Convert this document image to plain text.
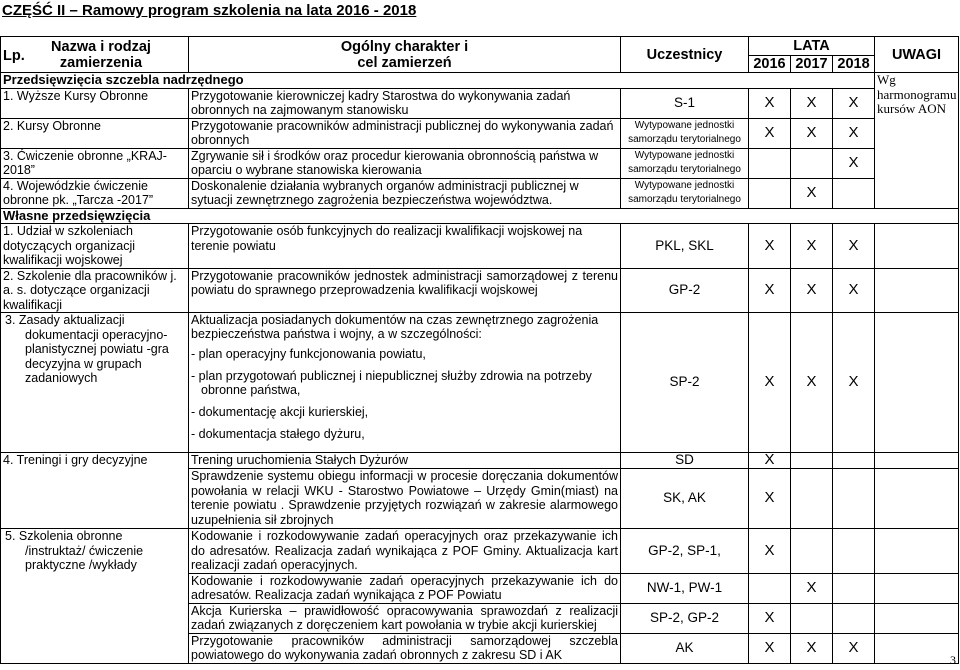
CZĘŚĆ II – Ramowy program szkolenia na lata 2016 - 2018
Lp.
Nazwa i rodzaj zamierzenia	Ogólny charakter i cel zamierzeń	Uczestnicy	LATA			UWAGI
			2016	2017	2018	
Przedsięwzięcia szczebla nadrzędnego						Wg harmonogramu kursów AON
1. Wyższe Kursy Obronne	Przygotowanie kierowniczej kadry Starostwa do wykonywania zadań obronnych na zajmowanym stanowisku	S-1	X	X	X	
2. Kursy Obronne	Przygotowanie pracowników administracji publicznej do wykonywania zadań obronnych	Wytypowane jednostki samorządu terytorialnego	X	X	X	
3. Ćwiczenie obronne „KRAJ-2018”	Zgrywanie sił i środków oraz procedur kierowania obronnością państwa w oparciu o wybrane stanowiska kierowania	Wytypowane jednostki samorządu terytorialnego			X	
4. Wojewódzkie ćwiczenie obronne pk. „Tarcza -2017”	Doskonalenie działania wybranych organów administracji publicznej w sytuacji zewnętrznego zagrożenia bezpieczeństwa województwa.	Wytypowane jednostki samorządu terytorialnego		X		
Własne przedsięwzięcia						
1. Udział w szkoleniach dotyczących organizacji kwalifikacji wojskowej	Przygotowanie osób funkcyjnych do realizacji kwalifikacji wojskowej na terenie powiatu	PKL, SKL	X	X	X	
2. Szkolenie dla pracowników j. a. s. dotyczące organizacji kwalifikacji	Przygotowanie pracowników jednostek administracji samorządowej z terenu powiatu do sprawnego przeprowadzenia kwalifikacji wojskowej	GP-2	X	X	X	
3. Zasady aktualizacji dokumentacji operacyjno-planistycznej powiatu -gra decyzyjna w grupach zadaniowych	Aktualizacja posiadanych dokumentów na czas zewnętrznego zagrożenia bezpieczeństwa państwa i wojny, a w szczególności:
- plan operacyjny funkcjonowania powiatu,
- plan przygotowań publicznej i niepublicznej służby zdrowia na potrzeby obronne państwa,
- dokumentację akcji kurierskiej,
- dokumentacja stałego dyżuru,	SP-2	X	X	X	
4. Treningi i gry decyzyjne	Trening uruchomienia Stałych Dyżurów	SD	X			
	Sprawdzenie systemu obiegu informacji w procesie doręczania dokumentów powołania w relacji WKU - Starostwo Powiatowe – Urzędy Gmin(miast) na terenie powiatu . Sprawdzenie przyjętych rozwiązań w zakresie alarmowego uzupełnienia sił zbrojnych	SK, AK	X			
5. Szkolenia obronne /instruktaż/ ćwiczenie praktyczne /wykłady	Kodowanie i rozkodowywanie zadań operacyjnych oraz przekazywanie ich do adresatów. Realizacja zadań wynikająca z POF Gminy. Aktualizacja kart realizacji zadań operacyjnych.	GP-2, SP-1,	X			
	Kodowanie i rozkodowywanie zadań operacyjnych przekazywanie ich do adresatów. Realizacja zadań wynikająca z POF Powiatu	NW-1, PW-1		X		
	Akcja Kurierska – prawidłowość opracowywania sprawozdań z realizacji zadań związanych z doręczeniem kart powołania w trybie akcji kurierskiej	SP-2, GP-2	X			
	Przygotowanie pracowników administracji samorządowej szczebla powiatowego do wykonywania zadań obronnych z zakresu SD i AK	AK	X	X	X	
3
